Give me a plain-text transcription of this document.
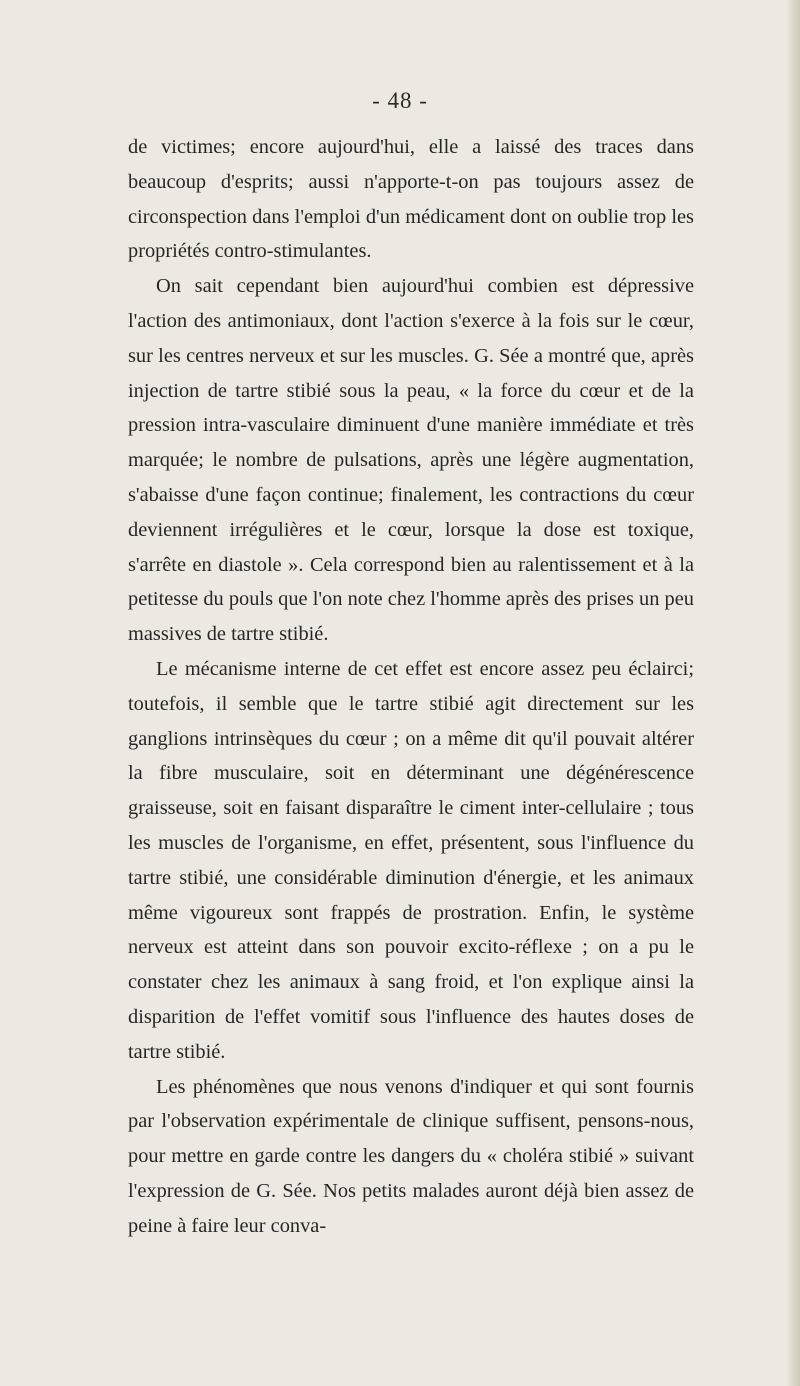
- 48 -

de victimes; encore aujourd'hui, elle a laissé des traces dans beaucoup d'esprits; aussi n'apporte-t-on pas toujours assez de circonspection dans l'emploi d'un médicament dont on oublie trop les propriétés contro-stimulantes.

On sait cependant bien aujourd'hui combien est dépressive l'action des antimoniaux, dont l'action s'exerce à la fois sur le cœur, sur les centres nerveux et sur les muscles. G. Sée a montré que, après injection de tartre stibié sous la peau, « la force du cœur et de la pression intra-vasculaire diminuent d'une manière immédiate et très marquée; le nombre de pulsations, après une légère augmentation, s'abaisse d'une façon continue; finalement, les contractions du cœur deviennent irrégulières et le cœur, lorsque la dose est toxique, s'arrête en diastole ». Cela correspond bien au ralentissement et à la petitesse du pouls que l'on note chez l'homme après des prises un peu massives de tartre stibié.

Le mécanisme interne de cet effet est encore assez peu éclairci; toutefois, il semble que le tartre stibié agit directement sur les ganglions intrinsèques du cœur ; on a même dit qu'il pouvait altérer la fibre musculaire, soit en déterminant une dégénérescence graisseuse, soit en faisant disparaître le ciment inter-cellulaire ; tous les muscles de l'organisme, en effet, présentent, sous l'influence du tartre stibié, une considérable diminution d'énergie, et les animaux même vigoureux sont frappés de prostration. Enfin, le système nerveux est atteint dans son pouvoir excito-réflexe ; on a pu le constater chez les animaux à sang froid, et l'on explique ainsi la disparition de l'effet vomitif sous l'influence des hautes doses de tartre stibié.

Les phénomènes que nous venons d'indiquer et qui sont fournis par l'observation expérimentale de clinique suffisent, pensons-nous, pour mettre en garde contre les dangers du « choléra stibié » suivant l'expression de G. Sée. Nos petits malades auront déjà bien assez de peine à faire leur conva-
